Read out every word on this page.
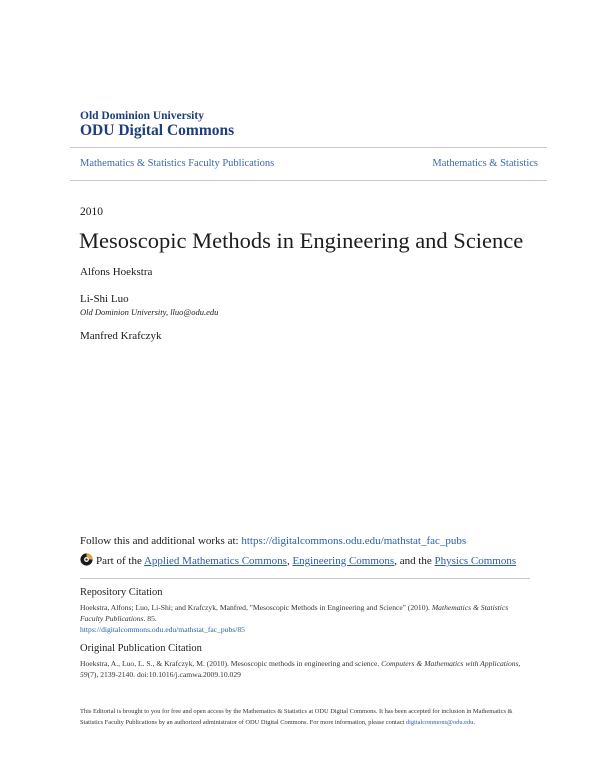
Old Dominion University
ODU Digital Commons
Mathematics & Statistics Faculty Publications	Mathematics & Statistics
2010
Mesoscopic Methods in Engineering and Science
Alfons Hoekstra
Li-Shi Luo
Old Dominion University, lluo@odu.edu
Manfred Krafczyk
Follow this and additional works at: https://digitalcommons.odu.edu/mathstat_fac_pubs
Part of the Applied Mathematics Commons, Engineering Commons, and the Physics Commons
Repository Citation
Hoekstra, Alfons; Luo, Li-Shi; and Krafczyk, Manfred, "Mesoscopic Methods in Engineering and Science" (2010). Mathematics & Statistics Faculty Publications. 85.
https://digitalcommons.odu.edu/mathstat_fac_pubs/85
Original Publication Citation
Hoekstra, A., Luo, L. S., & Krafczyk, M. (2010). Mesoscopic methods in engineering and science. Computers & Mathematics with Applications, 59(7), 2139-2140. doi:10.1016/j.camwa.2009.10.029
This Editorial is brought to you for free and open access by the Mathematics & Statistics at ODU Digital Commons. It has been accepted for inclusion in Mathematics & Statistics Faculty Publications by an authorized administrator of ODU Digital Commons. For more information, please contact digitalcommons@odu.edu.
